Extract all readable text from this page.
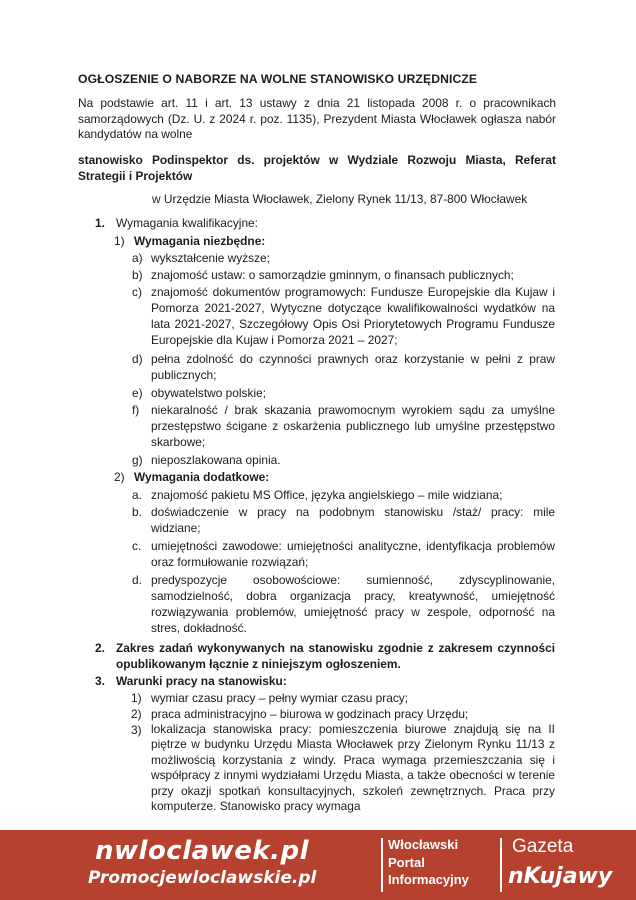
OGŁOSZENIE O NABORZE NA WOLNE STANOWISKO URZĘDNICZE
Na podstawie art. 11 i art. 13 ustawy z dnia 21 listopada 2008 r. o pracownikach samorządowych (Dz. U. z 2024 r. poz. 1135), Prezydent Miasta Włocławek ogłasza nabór kandydatów na wolne
stanowisko Podinspektor ds. projektów w Wydziale Rozwoju Miasta, Referat Strategii i Projektów
w Urzędzie Miasta Włocławek, Zielony Rynek 11/13, 87-800 Włocławek
1. Wymagania kwalifikacyjne:
1) Wymagania niezbędne:
a) wykształcenie wyższe;
b) znajomość ustaw: o samorządzie gminnym, o finansach publicznych;
c) znajomość dokumentów programowych: Fundusze Europejskie dla Kujaw i Pomorza 2021-2027, Wytyczne dotyczące kwalifikowalności wydatków na lata 2021-2027, Szczegółowy Opis Osi Priorytetowych Programu Fundusze Europejskie dla Kujaw i Pomorza 2021 – 2027;
d) pełna zdolność do czynności prawnych oraz korzystanie w pełni z praw publicznych;
e) obywatelstwo polskie;
f) niekaralność / brak skazania prawomocnym wyrokiem sądu za umyślne przestępstwo ścigane z oskarżenia publicznego lub umyślne przestępstwo skarbowe;
g) nieposzlakowana opinia.
2) Wymagania dodatkowe:
a. znajomość pakietu MS Office, języka angielskiego – mile widziana;
b. doświadczenie w pracy na podobnym stanowisku /staż/ pracy: mile widziane;
c. umiejętności zawodowe: umiejętności analityczne, identyfikacja problemów oraz formułowanie rozwiązań;
d. predyspozycje osobowościowe: sumienność, zdyscyplinowanie, samodzielność, dobra organizacja pracy, kreatywność, umiejętność rozwiązywania problemów, umiejętność pracy w zespole, odporność na stres, dokładność.
2. Zakres zadań wykonywanych na stanowisku zgodnie z zakresem czynności opublikowanym łącznie z niniejszym ogłoszeniem.
3. Warunki pracy na stanowisku:
1) wymiar czasu pracy – pełny wymiar czasu pracy;
2) praca administracyjno – biurowa w godzinach pracy Urzędu;
3) lokalizacja stanowiska pracy: pomieszczenia biurowe znajdują się na II piętrze w budynku Urzędu Miasta Włocławek przy Zielonym Rynku 11/13 z możliwością korzystania z windy. Praca wymaga przemieszczania się i współpracy z innymi wydziałami Urzędu Miasta, a także obecności w terenie przy okazji spotkań konsultacyjnych, szkoleń zewnętrznych. Praca przy komputerze. Stanowisko pracy wymaga
nwloclawek.pl
Promocjewloclawskie.pl
Włocławski
Portal
Informacyjny
Gazeta
nKujawy
